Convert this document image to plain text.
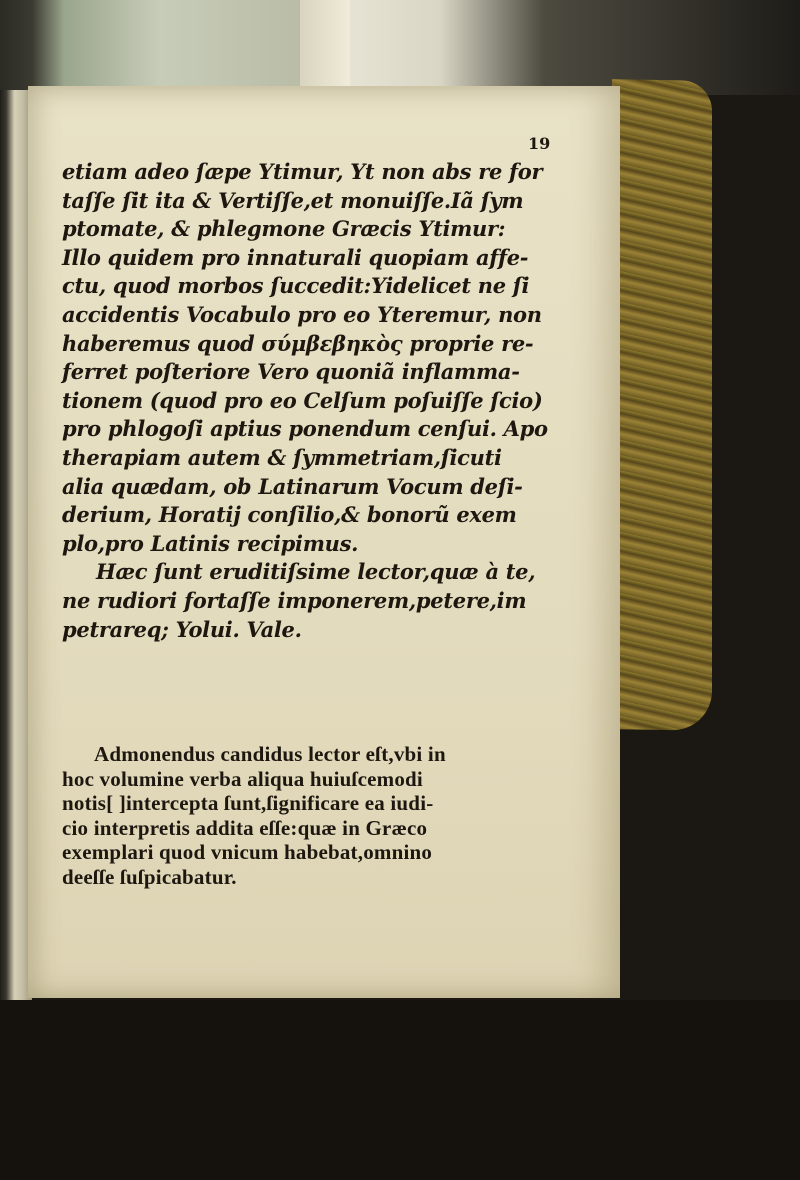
19
etiam adeo ſæpe Ytimur, Yt non abs re for
taſſe ſit ita & Vertiſſe,et monuiſſe.Iã ſym
ptomate, & phlegmone Græcis Ytimur:
Illo quidem pro innaturali quopiam affe-
ctu, quod morbos ſuccedit:Yidelicet ne ſi
accidentis Vocabulo pro eo Yteremur, non
haberemus quod σύμβεβηκὸς proprie re-
ferret poſteriore Vero quoniã inflamma-
tionem (quod pro eo Celſum poſuiſſe ſcio)
pro phlogoſi aptius ponendum cenſui. Apo
therapiam autem & ſymmetriam,ſicuti
alia quædam, ob Latinarum Vocum deſi-
derium, Horatij conſilio,& bonorũ exem
plo,pro Latinis recipimus.
Hæc ſunt eruditiſsime lector,quæ à te,
ne rudiori fortaſſe imponerem,petere,im
petrareq; Yolui. Vale.
Admonendus candidus lector eſt,vbi in
hoc volumine verba aliqua huiuſcemodi
notis[ ]intercepta ſunt,ſignificare ea iudi-
cio interpretis addita eſſe:quæ in Græco
exemplari quod vnicum habebat,omnino
deeſſe ſuſpicabatur.
